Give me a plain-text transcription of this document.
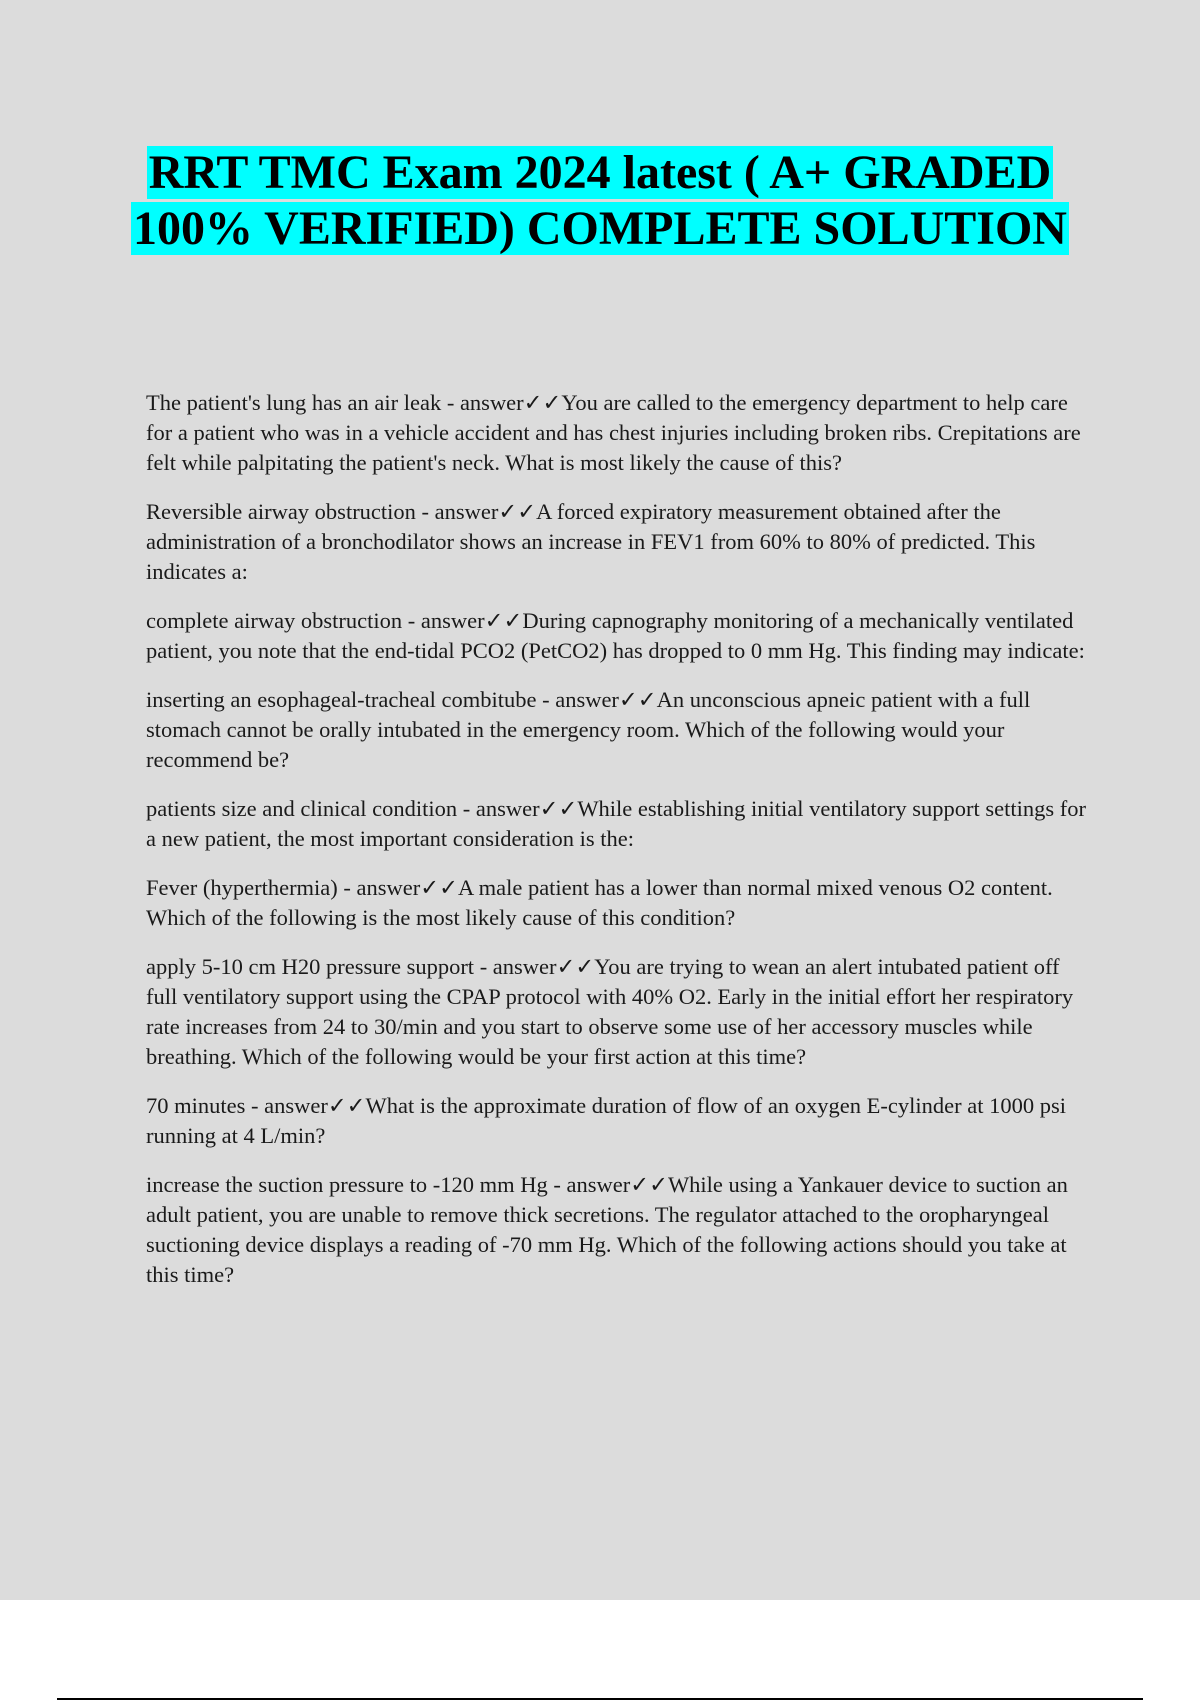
RRT TMC Exam 2024 latest ( A+ GRADED
100% VERIFIED) COMPLETE SOLUTION
The patient's lung has an air leak - answer✓✓You are called to the emergency department to help care for a patient who was in a vehicle accident and has chest injuries including broken ribs. Crepitations are felt while palpitating the patient's neck. What is most likely the cause of this?
Reversible airway obstruction - answer✓✓A forced expiratory measurement obtained after the administration of a bronchodilator shows an increase in FEV1 from 60% to 80% of predicted. This indicates a:
complete airway obstruction - answer✓✓During capnography monitoring of a mechanically ventilated patient, you note that the end-tidal PCO2 (PetCO2) has dropped to 0 mm Hg. This finding may indicate:
inserting an esophageal-tracheal combitube - answer✓✓An unconscious apneic patient with a full stomach cannot be orally intubated in the emergency room. Which of the following would your recommend be?
patients size and clinical condition - answer✓✓While establishing initial ventilatory support settings for a new patient, the most important consideration is the:
Fever (hyperthermia) - answer✓✓A male patient has a lower than normal mixed venous O2 content. Which of the following is the most likely cause of this condition?
apply 5-10 cm H20 pressure support - answer✓✓You are trying to wean an alert intubated patient off full ventilatory support using the CPAP protocol with 40% O2. Early in the initial effort her respiratory rate increases from 24 to 30/min and you start to observe some use of her accessory muscles while breathing. Which of the following would be your first action at this time?
70 minutes - answer✓✓What is the approximate duration of flow of an oxygen E-cylinder at 1000 psi running at 4 L/min?
increase the suction pressure to -120 mm Hg - answer✓✓While using a Yankauer device to suction an adult patient, you are unable to remove thick secretions. The regulator attached to the oropharyngeal suctioning device displays a reading of -70 mm Hg. Which of the following actions should you take at this time?
